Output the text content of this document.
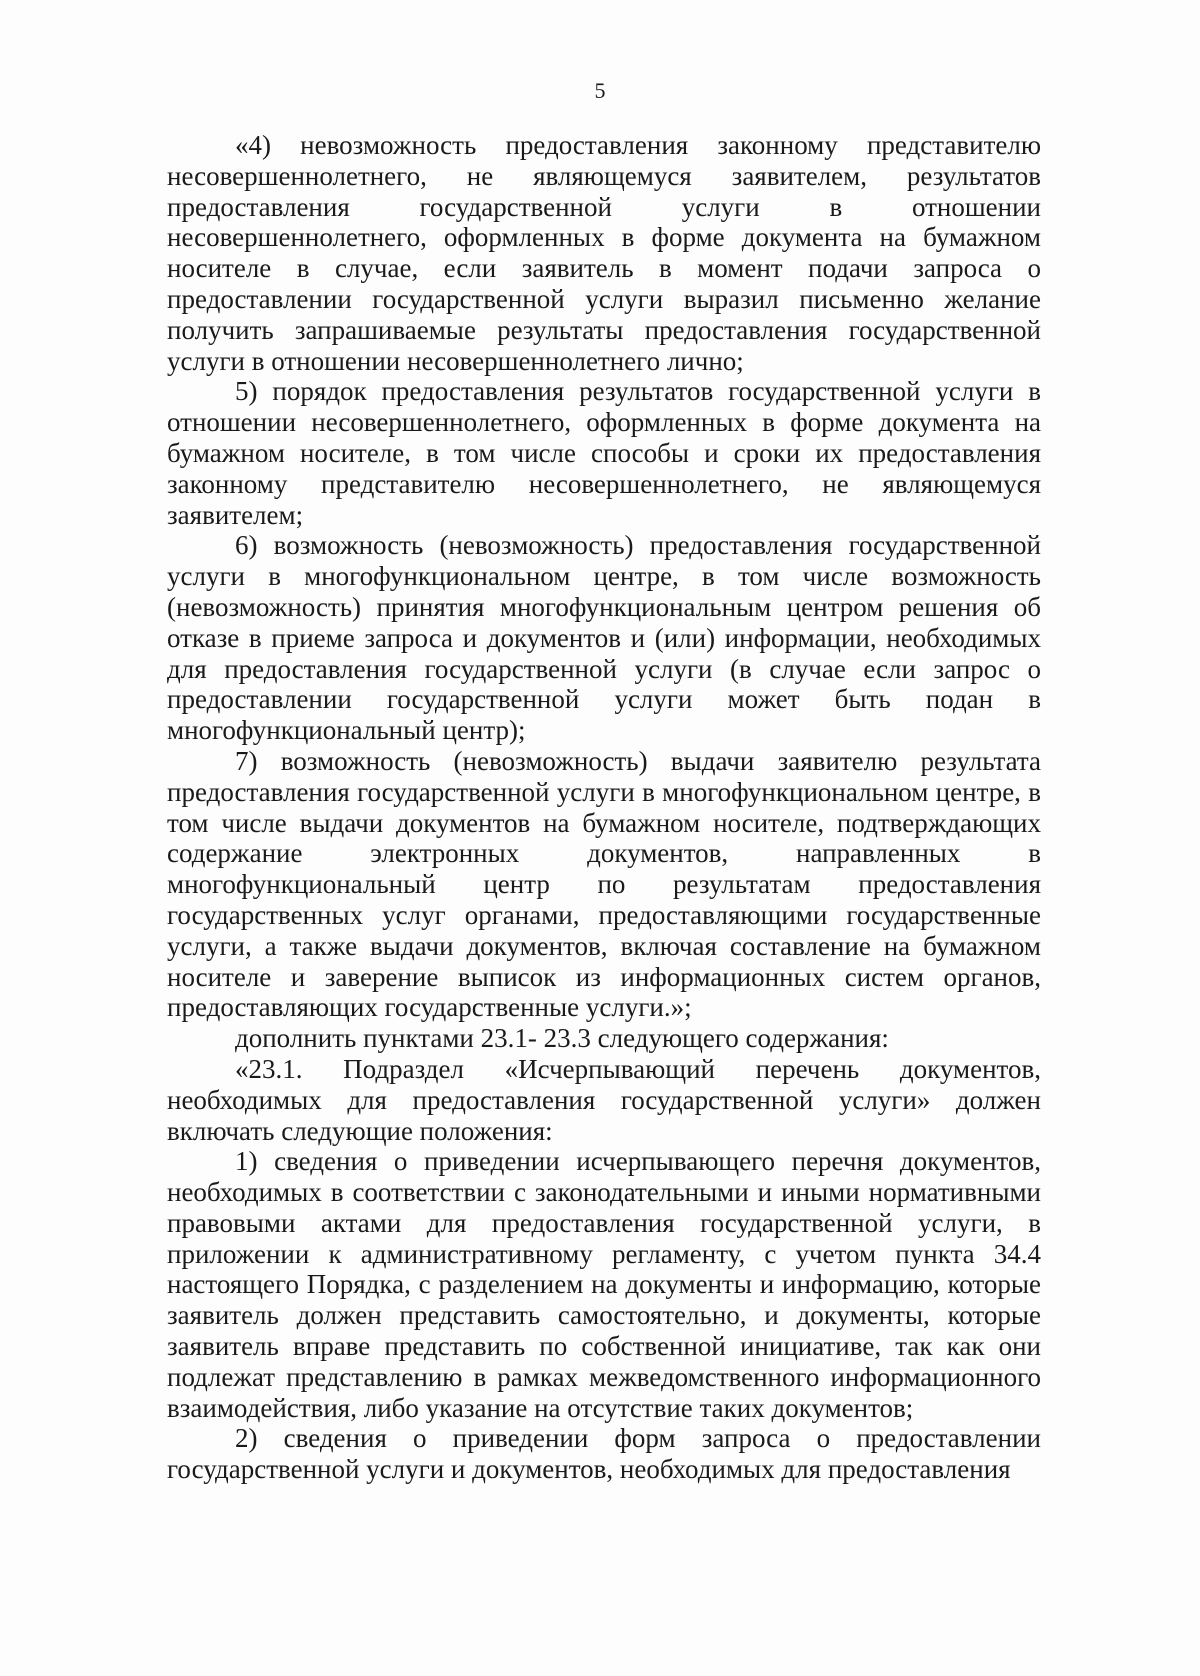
5

«4) невозможность предоставления законному представителю несовершеннолетнего, не являющемуся заявителем, результатов предоставления государственной услуги в отношении несовершеннолетнего, оформленных в форме документа на бумажном носителе в случае, если заявитель в момент подачи запроса о предоставлении государственной услуги выразил письменно желание получить запрашиваемые результаты предоставления государственной услуги в отношении несовершеннолетнего лично;

5) порядок предоставления результатов государственной услуги в отношении несовершеннолетнего, оформленных в форме документа на бумажном носителе, в том числе способы и сроки их предоставления законному представителю несовершеннолетнего, не являющемуся заявителем;

6) возможность (невозможность) предоставления государственной услуги в многофункциональном центре, в том числе возможность (невозможность) принятия многофункциональным центром решения об отказе в приеме запроса и документов и (или) информации, необходимых для предоставления государственной услуги (в случае если запрос о предоставлении государственной услуги может быть подан в многофункциональный центр);

7) возможность (невозможность) выдачи заявителю результата предоставления государственной услуги в многофункциональном центре, в том числе выдачи документов на бумажном носителе, подтверждающих содержание электронных документов, направленных в многофункциональный центр по результатам предоставления государственных услуг органами, предоставляющими государственные услуги, а также выдачи документов, включая составление на бумажном носителе и заверение выписок из информационных систем органов, предоставляющих государственные услуги.»;

дополнить пунктами 23.1- 23.3 следующего содержания:

«23.1. Подраздел «Исчерпывающий перечень документов, необходимых для предоставления государственной услуги» должен включать следующие положения:

1) сведения о приведении исчерпывающего перечня документов, необходимых в соответствии с законодательными и иными нормативными правовыми актами для предоставления государственной услуги, в приложении к административному регламенту, с учетом пункта 34.4 настоящего Порядка, с разделением на документы и информацию, которые заявитель должен представить самостоятельно, и документы, которые заявитель вправе представить по собственной инициативе, так как они подлежат представлению в рамках межведомственного информационного взаимодействия, либо указание на отсутствие таких документов;

2) сведения о приведении форм запроса о предоставлении государственной услуги и документов, необходимых для предоставления
